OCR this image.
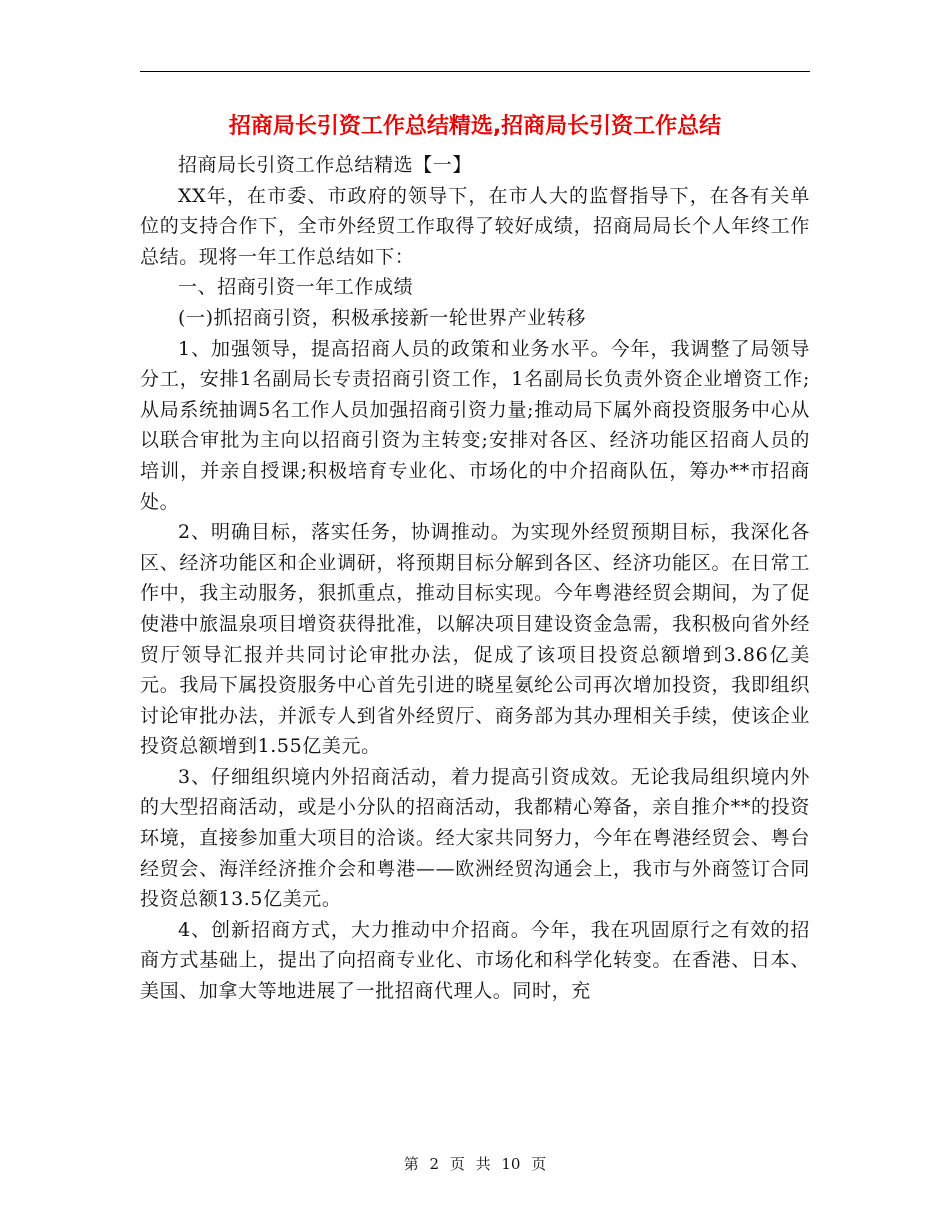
招商局长引资工作总结精选,招商局长引资工作总结

招商局长引资工作总结精选【一】

XX年，在市委、市政府的领导下，在市人大的监督指导下，在各有关单位的支持合作下，全市外经贸工作取得了较好成绩，招商局局长个人年终工作总结。现将一年工作总结如下：

一、招商引资一年工作成绩

(一)抓招商引资，积极承接新一轮世界产业转移

1、加强领导，提高招商人员的政策和业务水平。今年，我调整了局领导分工，安排1名副局长专责招商引资工作，1名副局长负责外资企业增资工作;从局系统抽调5名工作人员加强招商引资力量;推动局下属外商投资服务中心从以联合审批为主向以招商引资为主转变;安排对各区、经济功能区招商人员的培训，并亲自授课;积极培育专业化、市场化的中介招商队伍，筹办**市招商处。

2、明确目标，落实任务，协调推动。为实现外经贸预期目标，我深化各区、经济功能区和企业调研，将预期目标分解到各区、经济功能区。在日常工作中，我主动服务，狠抓重点，推动目标实现。今年粤港经贸会期间，为了促使港中旅温泉项目增资获得批准，以解决项目建设资金急需，我积极向省外经贸厅领导汇报并共同讨论审批办法，促成了该项目投资总额增到3.86亿美元。我局下属投资服务中心首先引进的晓星氨纶公司再次增加投资，我即组织讨论审批办法，并派专人到省外经贸厅、商务部为其办理相关手续，使该企业投资总额增到1.55亿美元。

3、仔细组织境内外招商活动，着力提高引资成效。无论我局组织境内外的大型招商活动，或是小分队的招商活动，我都精心筹备，亲自推介**的投资环境，直接参加重大项目的洽谈。经大家共同努力，今年在粤港经贸会、粤台经贸会、海洋经济推介会和粤港——欧洲经贸沟通会上，我市与外商签订合同投资总额13.5亿美元。

4、创新招商方式，大力推动中介招商。今年，我在巩固原行之有效的招商方式基础上，提出了向招商专业化、市场化和科学化转变。在香港、日本、美国、加拿大等地进展了一批招商代理人。同时，充

第 2 页 共 10 页
